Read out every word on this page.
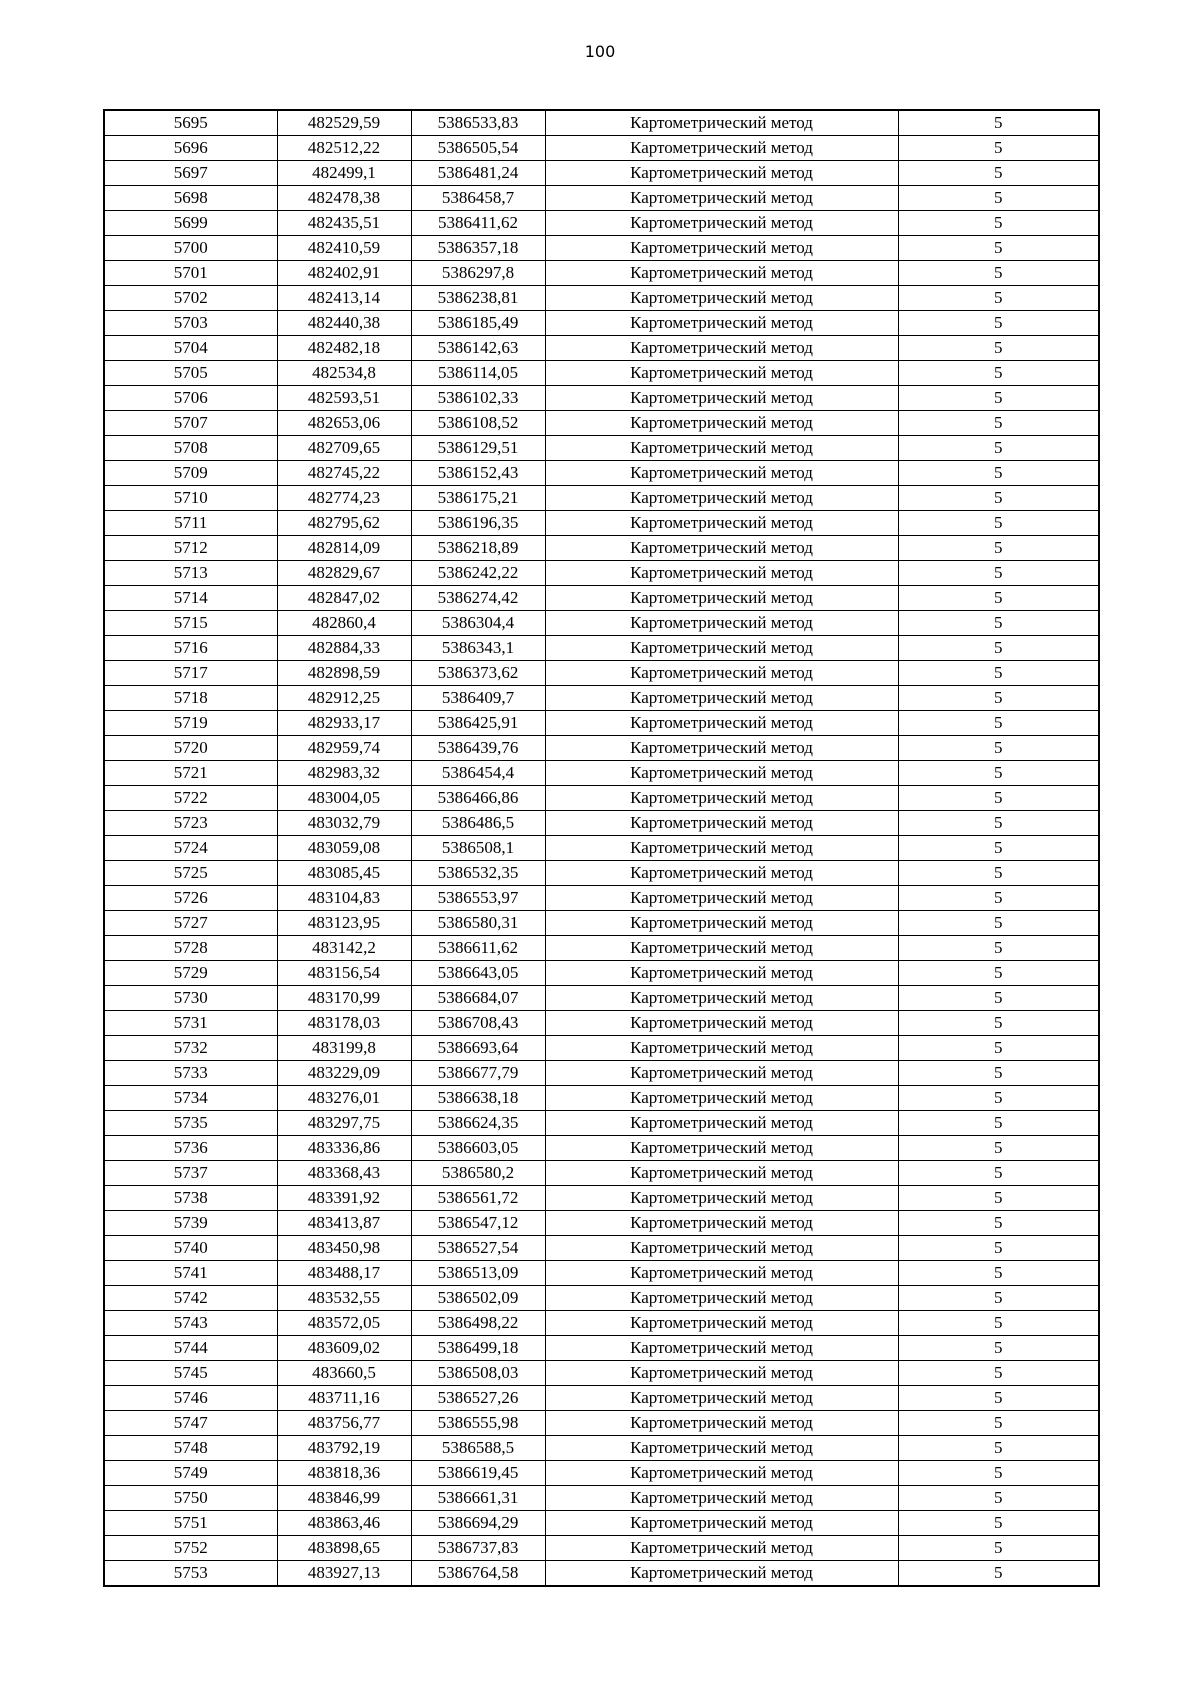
100
5695	482529,59	5386533,83	Картометрический метод	5
5696	482512,22	5386505,54	Картометрический метод	5
5697	482499,1	5386481,24	Картометрический метод	5
5698	482478,38	5386458,7	Картометрический метод	5
5699	482435,51	5386411,62	Картометрический метод	5
5700	482410,59	5386357,18	Картометрический метод	5
5701	482402,91	5386297,8	Картометрический метод	5
5702	482413,14	5386238,81	Картометрический метод	5
5703	482440,38	5386185,49	Картометрический метод	5
5704	482482,18	5386142,63	Картометрический метод	5
5705	482534,8	5386114,05	Картометрический метод	5
5706	482593,51	5386102,33	Картометрический метод	5
5707	482653,06	5386108,52	Картометрический метод	5
5708	482709,65	5386129,51	Картометрический метод	5
5709	482745,22	5386152,43	Картометрический метод	5
5710	482774,23	5386175,21	Картометрический метод	5
5711	482795,62	5386196,35	Картометрический метод	5
5712	482814,09	5386218,89	Картометрический метод	5
5713	482829,67	5386242,22	Картометрический метод	5
5714	482847,02	5386274,42	Картометрический метод	5
5715	482860,4	5386304,4	Картометрический метод	5
5716	482884,33	5386343,1	Картометрический метод	5
5717	482898,59	5386373,62	Картометрический метод	5
5718	482912,25	5386409,7	Картометрический метод	5
5719	482933,17	5386425,91	Картометрический метод	5
5720	482959,74	5386439,76	Картометрический метод	5
5721	482983,32	5386454,4	Картометрический метод	5
5722	483004,05	5386466,86	Картометрический метод	5
5723	483032,79	5386486,5	Картометрический метод	5
5724	483059,08	5386508,1	Картометрический метод	5
5725	483085,45	5386532,35	Картометрический метод	5
5726	483104,83	5386553,97	Картометрический метод	5
5727	483123,95	5386580,31	Картометрический метод	5
5728	483142,2	5386611,62	Картометрический метод	5
5729	483156,54	5386643,05	Картометрический метод	5
5730	483170,99	5386684,07	Картометрический метод	5
5731	483178,03	5386708,43	Картометрический метод	5
5732	483199,8	5386693,64	Картометрический метод	5
5733	483229,09	5386677,79	Картометрический метод	5
5734	483276,01	5386638,18	Картометрический метод	5
5735	483297,75	5386624,35	Картометрический метод	5
5736	483336,86	5386603,05	Картометрический метод	5
5737	483368,43	5386580,2	Картометрический метод	5
5738	483391,92	5386561,72	Картометрический метод	5
5739	483413,87	5386547,12	Картометрический метод	5
5740	483450,98	5386527,54	Картометрический метод	5
5741	483488,17	5386513,09	Картометрический метод	5
5742	483532,55	5386502,09	Картометрический метод	5
5743	483572,05	5386498,22	Картометрический метод	5
5744	483609,02	5386499,18	Картометрический метод	5
5745	483660,5	5386508,03	Картометрический метод	5
5746	483711,16	5386527,26	Картометрический метод	5
5747	483756,77	5386555,98	Картометрический метод	5
5748	483792,19	5386588,5	Картометрический метод	5
5749	483818,36	5386619,45	Картометрический метод	5
5750	483846,99	5386661,31	Картометрический метод	5
5751	483863,46	5386694,29	Картометрический метод	5
5752	483898,65	5386737,83	Картометрический метод	5
5753	483927,13	5386764,58	Картометрический метод	5
